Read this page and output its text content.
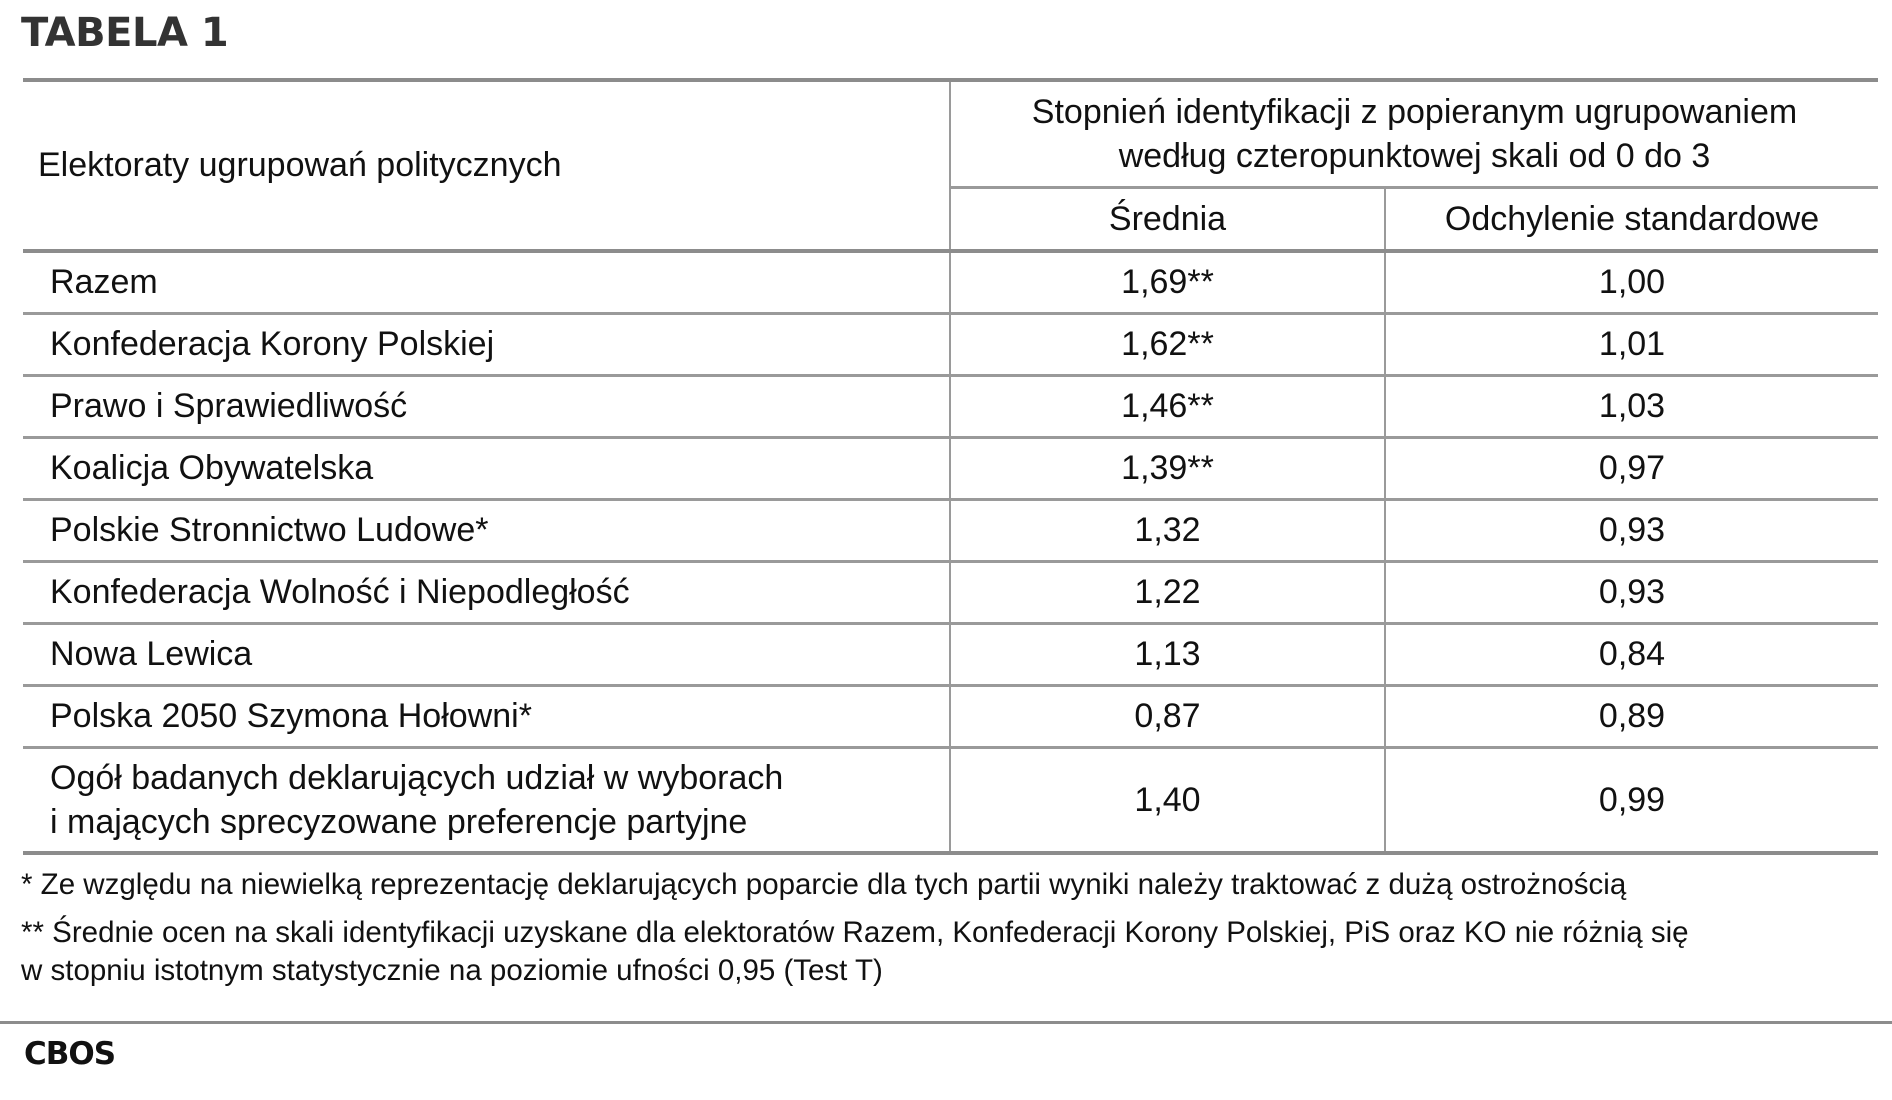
TABELA 1
Elektoraty ugrupowań politycznych	Stopnień identyfikacji z popieranym ugrupowaniem
według czteropunktowej skali od 0 do 3	

	Średnia	Odchylenie standardowe
Razem	1,69**	1,00
Konfederacja Korony Polskiej	1,62**	1,01
Prawo i Sprawiedliwość	1,46**	1,03
Koalicja Obywatelska	1,39**	0,97
Polskie Stronnictwo Ludowe*	1,32	0,93
Konfederacja Wolność i Niepodległość	1,22	0,93
Nowa Lewica	1,13	0,84
Polska 2050 Szymona Hołowni*	0,87	0,89

Ogół badanych deklarujących udział w wyborach
i mających sprecyzowane preferencje partyjne	1,40	0,99
* Ze względu na niewielką reprezentację deklarujących poparcie dla tych partii wyniki należy traktować z dużą ostrożnością
** Średnie ocen na skali identyfikacji uzyskane dla elektoratów Razem, Konfederacji Korony Polskiej, PiS oraz KO nie różnią się
w stopniu istotnym statystycznie na poziomie ufności 0,95 (Test T)
CBOS
